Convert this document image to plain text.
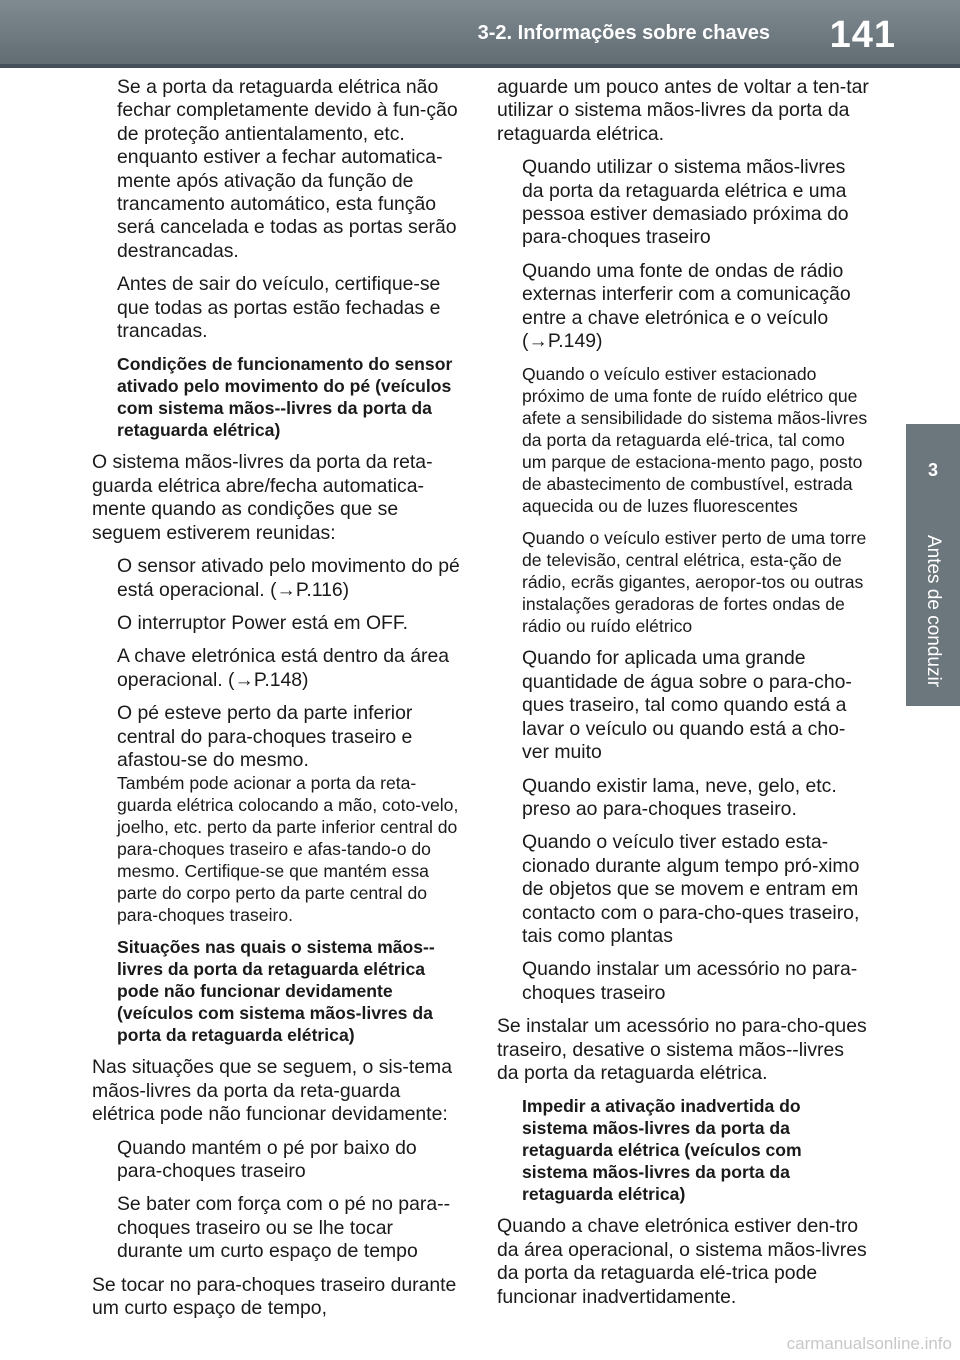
3-2. Informações sobre chaves 141
3
Antes de conduzir

Se a porta da retaguarda elétrica não fechar completamente devido à fun-ção de proteção antientalamento, etc. enquanto estiver a fechar automatica-mente após ativação da função de trancamento automático, esta função será cancelada e todas as portas serão destrancadas.

Antes de sair do veículo, certifique-se que todas as portas estão fechadas e trancadas.

Condições de funcionamento do sensor ativado pelo movimento do pé (veículos com sistema mãos--livres da porta da retaguarda elétrica)

O sistema mãos-livres da porta da reta-guarda elétrica abre/fecha automatica-mente quando as condições que se seguem estiverem reunidas:

O sensor ativado pelo movimento do pé está operacional. (→P.116)

O interruptor Power está em OFF.

A chave eletrónica está dentro da área operacional. (→P.148)

O pé esteve perto da parte inferior central do para-choques traseiro e afastou-se do mesmo.

Também pode acionar a porta da reta-guarda elétrica colocando a mão, coto-velo, joelho, etc. perto da parte inferior central do para-choques traseiro e afas-tando-o do mesmo. Certifique-se que mantém essa parte do corpo perto da parte central do para-choques traseiro.

Situações nas quais o sistema mãos--livres da porta da retaguarda elétrica pode não funcionar devidamente (veículos com sistema mãos-livres da porta da retaguarda elétrica)

Nas situações que se seguem, o sis-tema mãos-livres da porta da reta-guarda elétrica pode não funcionar devidamente:

Quando mantém o pé por baixo do para-choques traseiro

Se bater com força com o pé no para--choques traseiro ou se lhe tocar durante um curto espaço de tempo

Se tocar no para-choques traseiro durante um curto espaço de tempo,

aguarde um pouco antes de voltar a ten-tar utilizar o sistema mãos-livres da porta da retaguarda elétrica.

Quando utilizar o sistema mãos-livres da porta da retaguarda elétrica e uma pessoa estiver demasiado próxima do para-choques traseiro

Quando uma fonte de ondas de rádio externas interferir com a comunicação entre a chave eletrónica e o veículo (→P.149)

Quando o veículo estiver estacionado próximo de uma fonte de ruído elétrico que afete a sensibilidade do sistema mãos-livres da porta da retaguarda elé-trica, tal como um parque de estaciona-mento pago, posto de abastecimento de combustível, estrada aquecida ou de luzes fluorescentes

Quando o veículo estiver perto de uma torre de televisão, central elétrica, esta-ção de rádio, ecrãs gigantes, aeropor-tos ou outras instalações geradoras de fortes ondas de rádio ou ruído elétrico

Quando for aplicada uma grande quantidade de água sobre o para-cho-ques traseiro, tal como quando está a lavar o veículo ou quando está a cho-ver muito

Quando existir lama, neve, gelo, etc. preso ao para-choques traseiro.

Quando o veículo tiver estado esta-cionado durante algum tempo pró-ximo de objetos que se movem e entram em contacto com o para-cho-ques traseiro, tais como plantas

Quando instalar um acessório no para-choques traseiro

Se instalar um acessório no para-cho-ques traseiro, desative o sistema mãos--livres da porta da retaguarda elétrica.

Impedir a ativação inadvertida do sistema mãos-livres da porta da retaguarda elétrica (veículos com sistema mãos-livres da porta da retaguarda elétrica)

Quando a chave eletrónica estiver den-tro da área operacional, o sistema mãos-livres da porta da retaguarda elé-trica pode funcionar inadvertidamente.

carmanualsonline.info
